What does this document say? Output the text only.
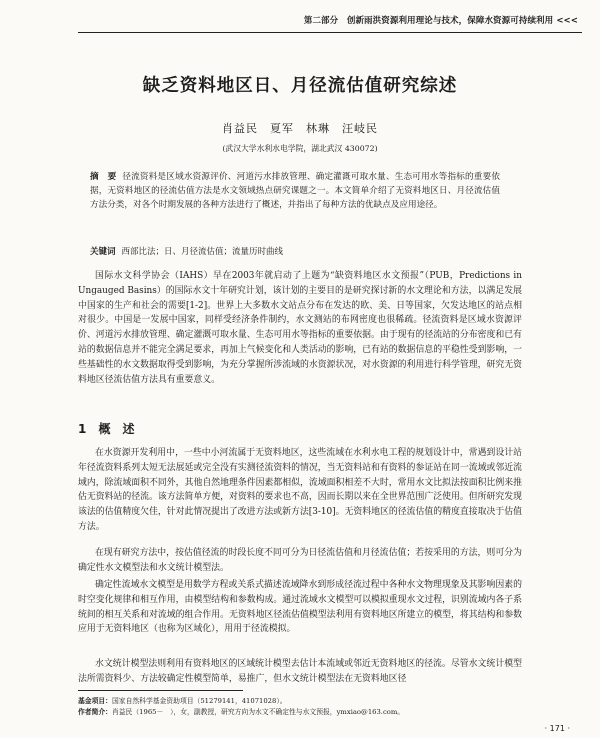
第二部分　创新雨洪资源利用理论与技术，保障水资源可持续利用 <<<
缺乏资料地区日、月径流估值研究综述
肖益民　夏军　林琳　汪岐民
(武汉大学水利水电学院，湖北武汉 430072)
摘　要 径流资料是区域水资源评价、河道污水排放管理、确定灌溉可取水量、生态可用水等指标的重要依据，无资料地区的径流估值方法是水文领域热点研究课题之一。本文简单介绍了无资料地区日、月径流估值方法分类，对各个时期发展的各种方法进行了概述，并指出了每种方法的优缺点及应用途径。
关键词 西部比法；日、月径流估值；流量历时曲线
国际水文科学协会（IAHS）早在2003年就启动了上题为“缺资料地区水文预报”（PUB，Predictions in Ungauged Basins）的国际水文十年研究计划，该计划的主要目的是研究探讨新的水文理论和方法，以满足发展中国家的生产和社会的需要[1-2]。世界上大多数水文站点分布在发达的欧、美、日等国家，欠发达地区的站点相对很少。中国是一发展中国家，同样受经济条件制约，水文测站的布网密度也很稀疏。径流资料是区域水资源评价、河道污水排放管理、确定灌溉可取水量、生态可用水等指标的重要依据。由于现有的径流站的分布密度和已有站的数据信息并不能完全满足要求，再加上气候变化和人类活动的影响，已有站的数据信息的平稳性受到影响，一些基础性的水文数据取得受到影响，为充分掌握所涉流域的水资源状况，对水资源的利用进行科学管理，研究无资料地区径流估值方法具有重要意义。
1 概　述
在水资源开发利用中，一些中小河流属于无资料地区，这些流域在水利水电工程的规划设计中，常遇到设计站年径流资料系列太短无法展延或完全没有实测径流资料的情况，当无资料站和有资料的参证站在同一流域或邻近流域内，除流域面积不同外，其他自然地理条件因素都相似，流域面积相差不大时，常用水文比拟法按面积比例来推估无资料站的径流。该方法简单方便，对资料的要求也不高，因而长期以来在全世界范围广泛使用。但所研究发现该法的估值精度欠佳，针对此情况提出了改进方法或新方法[3-10]。无资料地区的径流估值的精度直接取决于估值方法。
在现有研究方法中，按估值径流的时段长度不同可分为日径流估值和月径流估值；若按采用的方法，则可分为确定性水文模型法和水文统计模型法。
确定性流域水文模型是用数学方程或关系式描述流域降水到形成径流过程中各种水文物理现象及其影响因素的时空变化规律和相互作用，由模型结构和参数构成。通过流域水文模型可以模拟重现水文过程，识别流域内各子系统间的相互关系和对流域的组合作用。无资料地区径流估值模型法利用有资料地区所建立的模型，将其结构和参数应用于无资料地区（也称为区域化），用用于径流模拟。
水文统计模型法则利用有资料地区的区域统计模型去估计本流域或邻近无资料地区的径流。尽管水文统计模型法所需资料少、方法较确定性模型简单，易推广，但水文统计模型法在无资料地区径
基金项目：国家自然科学基金资助项目（51279141，41071028）。
作者简介：肖益民（1965－　），女，副教授，研究方向为水文不确定性与水文预报，ymxiao@163.com。
· 171 ·
